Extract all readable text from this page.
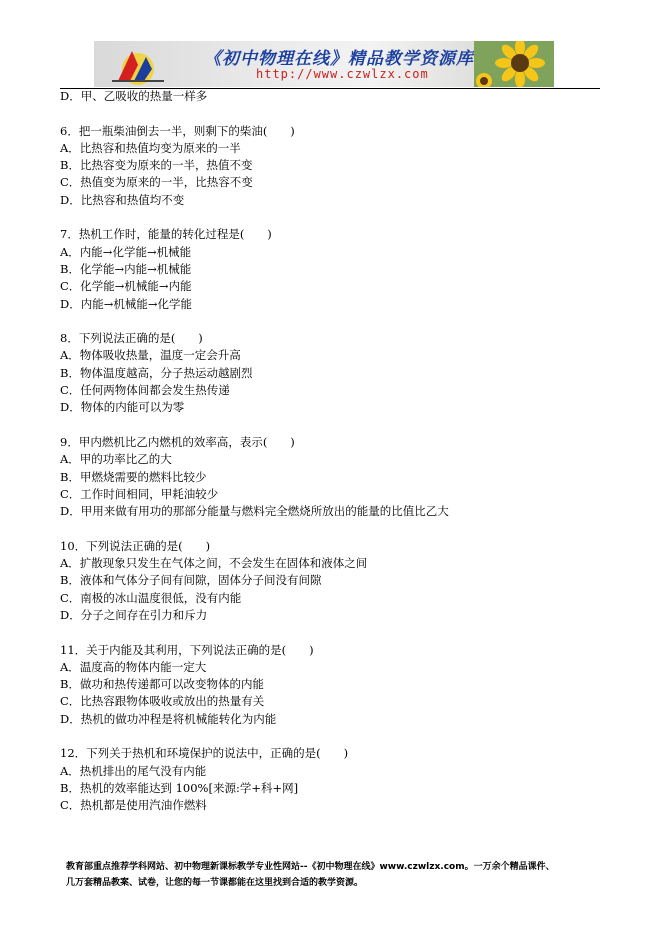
《初中物理在线》精品教学资源库
http://www.czwlzx.com
D．甲、乙吸收的热量一样多
6．把一瓶柴油倒去一半，则剩下的柴油(　　)
A．比热容和热值均变为原来的一半
B．比热容变为原来的一半，热值不变
C．热值变为原来的一半，比热容不变
D．比热容和热值均不变
7．热机工作时，能量的转化过程是(　　)
A．内能→化学能→机械能
B．化学能→内能→机械能
C．化学能→机械能→内能
D．内能→机械能→化学能
8．下列说法正确的是(　　)
A．物体吸收热量，温度一定会升高
B．物体温度越高，分子热运动越剧烈
C．任何两物体间都会发生热传递
D．物体的内能可以为零
9．甲内燃机比乙内燃机的效率高，表示(　　)
A．甲的功率比乙的大
B．甲燃烧需要的燃料比较少
C．工作时间相同，甲耗油较少
D．甲用来做有用功的那部分能量与燃料完全燃烧所放出的能量的比值比乙大
10．下列说法正确的是(　　)
A．扩散现象只发生在气体之间，不会发生在固体和液体之间
B．液体和气体分子间有间隙，固体分子间没有间隙
C．南极的冰山温度很低，没有内能
D．分子之间存在引力和斥力
11．关于内能及其利用，下列说法正确的是(　　)
A．温度高的物体内能一定大
B．做功和热传递都可以改变物体的内能
C．比热容跟物体吸收或放出的热量有关
D．热机的做功冲程是将机械能转化为内能
12．下列关于热机和环境保护的说法中，正确的是(　　)
A．热机排出的尾气没有内能
B．热机的效率能达到 100%[来源:学+科+网]
C．热机都是使用汽油作燃料
教育部重点推荐学科网站、初中物理新课标教学专业性网站--《初中物理在线》www.czwlzx.com。一万余个精品课件、
几万套精品教案、试卷，让您的每一节课都能在这里找到合适的教学资源。
